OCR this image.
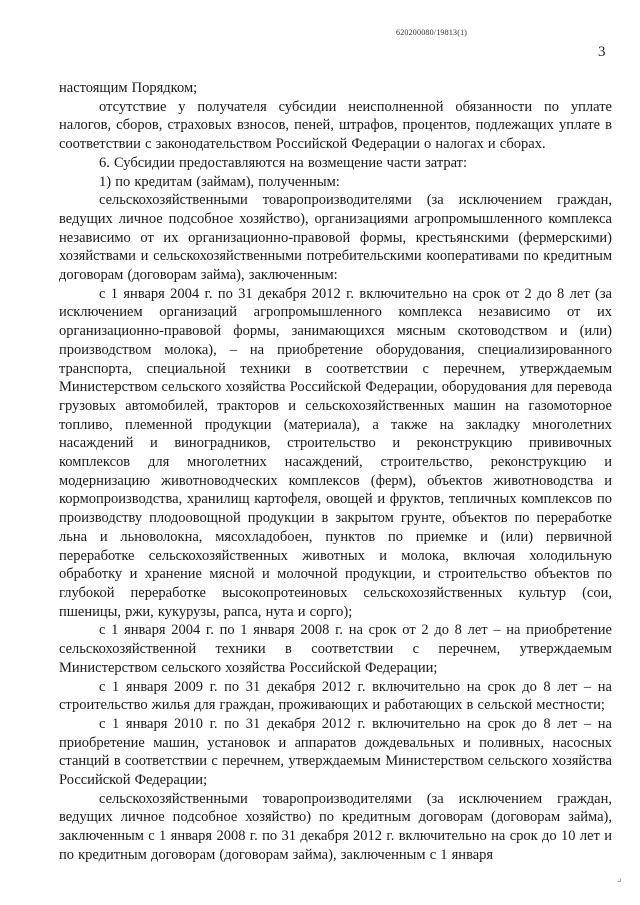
620200080/19813(1)
3

настоящим Порядком;

отсутствие у получателя субсидии неисполненной обязанности по уплате налогов, сборов, страховых взносов, пеней, штрафов, процентов, подлежащих уплате в соответствии с законодательством Российской Федерации о налогах и сборах.

6. Субсидии предоставляются на возмещение части затрат:

1) по кредитам (займам), полученным:

сельскохозяйственными товаропроизводителями (за исключением граждан, ведущих личное подсобное хозяйство), организациями агропромышленного комплекса независимо от их организационно-правовой формы, крестьянскими (фермерскими) хозяйствами и сельскохозяйственными потребительскими кооперативами по кредитным договорам (договорам займа), заключенным:

с 1 января 2004 г. по 31 декабря 2012 г. включительно на срок от 2 до 8 лет (за исключением организаций агропромышленного комплекса независимо от их организационно-правовой формы, занимающихся мясным скотоводством и (или) производством молока), – на приобретение оборудования, специализированного транспорта, специальной техники в соответствии с перечнем, утверждаемым Министерством сельского хозяйства Российской Федерации, оборудования для перевода грузовых автомобилей, тракторов и сельскохозяйственных машин на газомоторное топливо, племенной продукции (материала), а также на закладку многолетних насаждений и виноградников, строительство и реконструкцию прививочных комплексов для многолетних насаждений, строительство, реконструкцию и модернизацию животноводческих комплексов (ферм), объектов животноводства и кормопроизводства, хранилищ картофеля, овощей и фруктов, тепличных комплексов по производству плодоовощной продукции в закрытом грунте, объектов по переработке льна и льноволокна, мясохладобоен, пунктов по приемке и (или) первичной переработке сельскохозяйственных животных и молока, включая холодильную обработку и хранение мясной и молочной продукции, и строительство объектов по глубокой переработке высокопротеиновых сельскохозяйственных культур (сои, пшеницы, ржи, кукурузы, рапса, нута и сорго);

с 1 января 2004 г. по 1 января 2008 г. на срок от 2 до 8 лет – на приобретение сельскохозяйственной техники в соответствии с перечнем, утверждаемым Министерством сельского хозяйства Российской Федерации;

с 1 января 2009 г. по 31 декабря 2012 г. включительно на срок до 8 лет – на строительство жилья для граждан, проживающих и работающих в сельской местности;

с 1 января 2010 г. по 31 декабря 2012 г. включительно на срок до 8 лет – на приобретение машин, установок и аппаратов дождевальных и поливных, насосных станций в соответствии с перечнем, утверждаемым Министерством сельского хозяйства Российской Федерации;

сельскохозяйственными товаропроизводителями (за исключением граждан, ведущих личное подсобное хозяйство) по кредитным договорам (договорам займа), заключенным с 1 января 2008 г. по 31 декабря 2012 г. включительно на срок до 10 лет и по кредитным договорам (договорам займа), заключенным с 1 января

⌟
